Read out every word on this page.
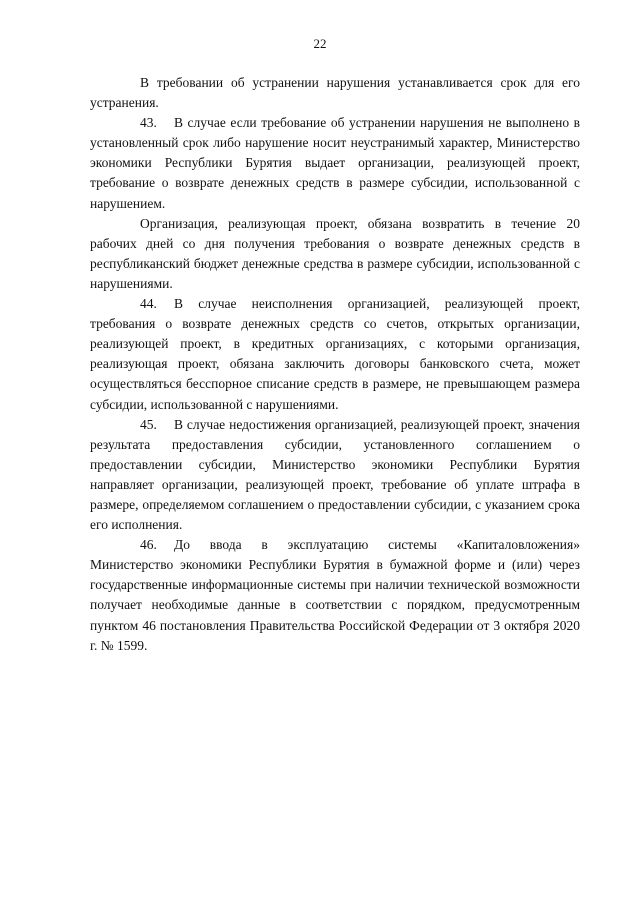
22

В требовании об устранении нарушения устанавливается срок для его устранения.

43. В случае если требование об устранении нарушения не выполнено в установленный срок либо нарушение носит неустранимый характер, Министерство экономики Республики Бурятия выдает организации, реализующей проект, требование о возврате денежных средств в размере субсидии, использованной с нарушением.

Организация, реализующая проект, обязана возвратить в течение 20 рабочих дней со дня получения требования о возврате денежных средств в республиканский бюджет денежные средства в размере субсидии, использованной с нарушениями.

44. В случае неисполнения организацией, реализующей проект, требования о возврате денежных средств со счетов, открытых организации, реализующей проект, в кредитных организациях, с которыми организация, реализующая проект, обязана заключить договоры банковского счета, может осуществляться бесспорное списание средств в размере, не превышающем размера субсидии, использованной с нарушениями.

45. В случае недостижения организацией, реализующей проект, значения результата предоставления субсидии, установленного соглашением о предоставлении субсидии, Министерство экономики Республики Бурятия направляет организации, реализующей проект, требование об уплате штрафа в размере, определяемом соглашением о предоставлении субсидии, с указанием срока его исполнения.

46. До ввода в эксплуатацию системы «Капиталовложения» Министерство экономики Республики Бурятия в бумажной форме и (или) через государственные информационные системы при наличии технической возможности получает необходимые данные в соответствии с порядком, предусмотренным пунктом 46 постановления Правительства Российской Федерации от 3 октября 2020 г. № 1599.
